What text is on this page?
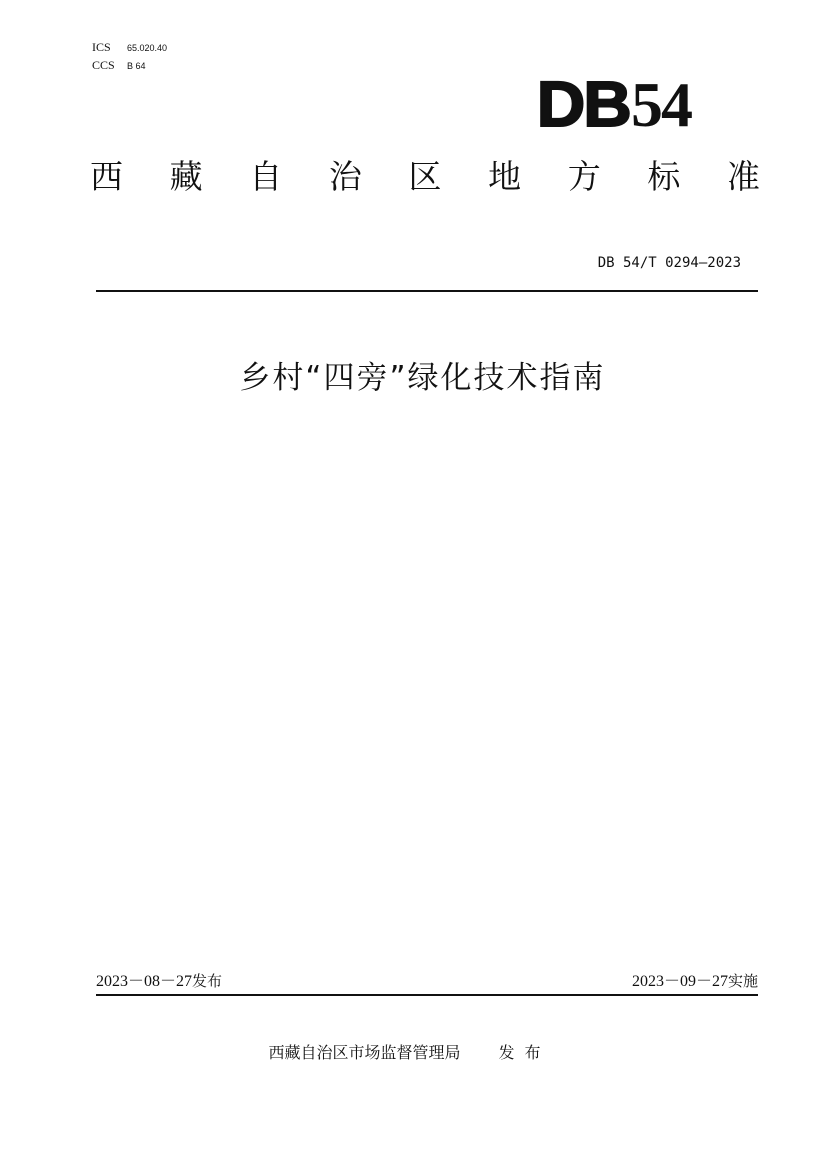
ICS 65.020.40
CCS B 64
DB54
西 藏 自 治 区 地 方 标 准
DB 54/T 0294—2023
乡村“四旁”绿化技术指南
2023－08－27发布	2023－09－27实施
西藏自治区市场监督管理局 发布
